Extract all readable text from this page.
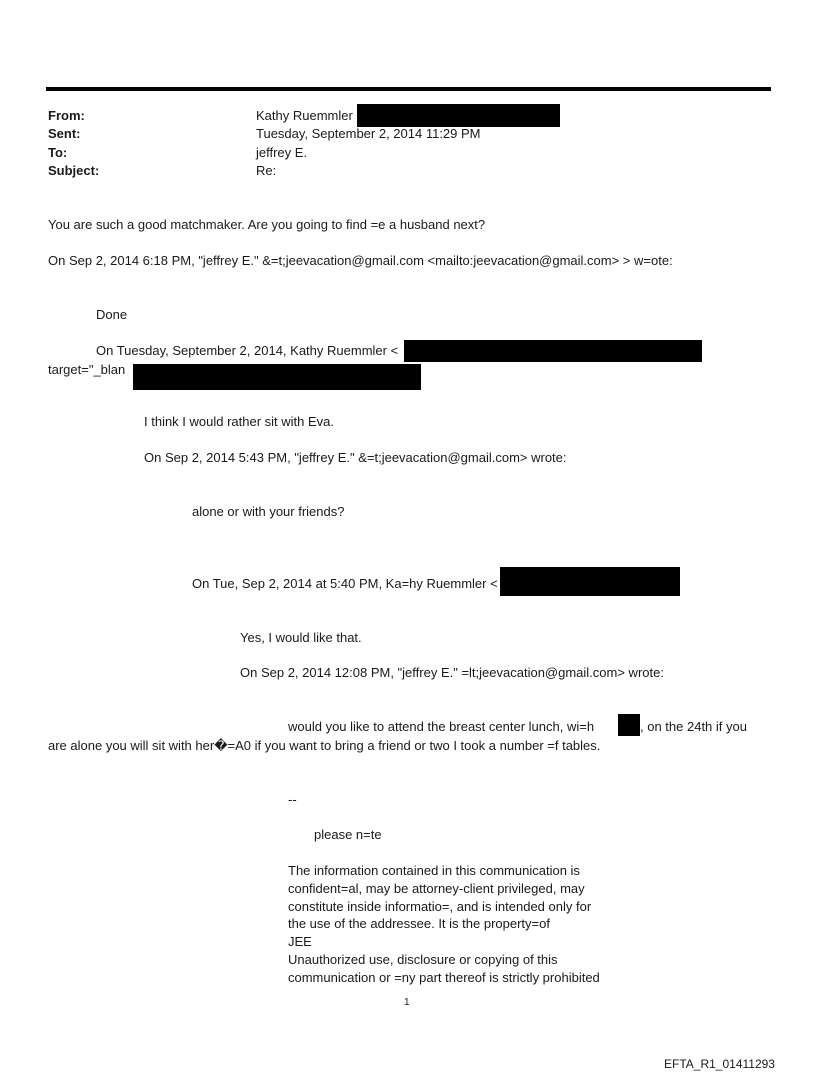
From:	Kathy Ruemmler
Sent:	Tuesday, September 2, 2014 11:29 PM
To:	jeffrey E.
Subject:	Re:
You are such a good matchmaker. Are you going to find =e a husband next?
On Sep 2, 2014 6:18 PM, "jeffrey E." &=t;jeevacation@gmail.com <mailto:jeevacation@gmail.com> > w=ote:
Done
On Tuesday, September 2, 2014, Kathy Ruemmler <
target="_blan
I think I would rather sit with Eva.
On Sep 2, 2014 5:43 PM, "jeffrey E." &=t;jeevacation@gmail.com> wrote:
alone or with your friends?
On Tue, Sep 2, 2014 at 5:40 PM, Ka=hy Ruemmler <
Yes, I would like that.
On Sep 2, 2014 12:08 PM, "jeffrey E." =lt;jeevacation@gmail.com> wrote:
would you like to attend the breast center lunch, wi=h	, on the 24th if you
are alone you will sit with her�=A0 if you want to bring a friend or two I took a number =f tables.
--
please n=te
The information contained in this communication is
confident=al, may be attorney-client privileged, may
constitute inside informatio=, and is intended only for
the use of the addressee. It is the property=of
JEE
Unauthorized use, disclosure or copying of this
communication or =ny part thereof is strictly prohibited
1
EFTA_R1_01411293
